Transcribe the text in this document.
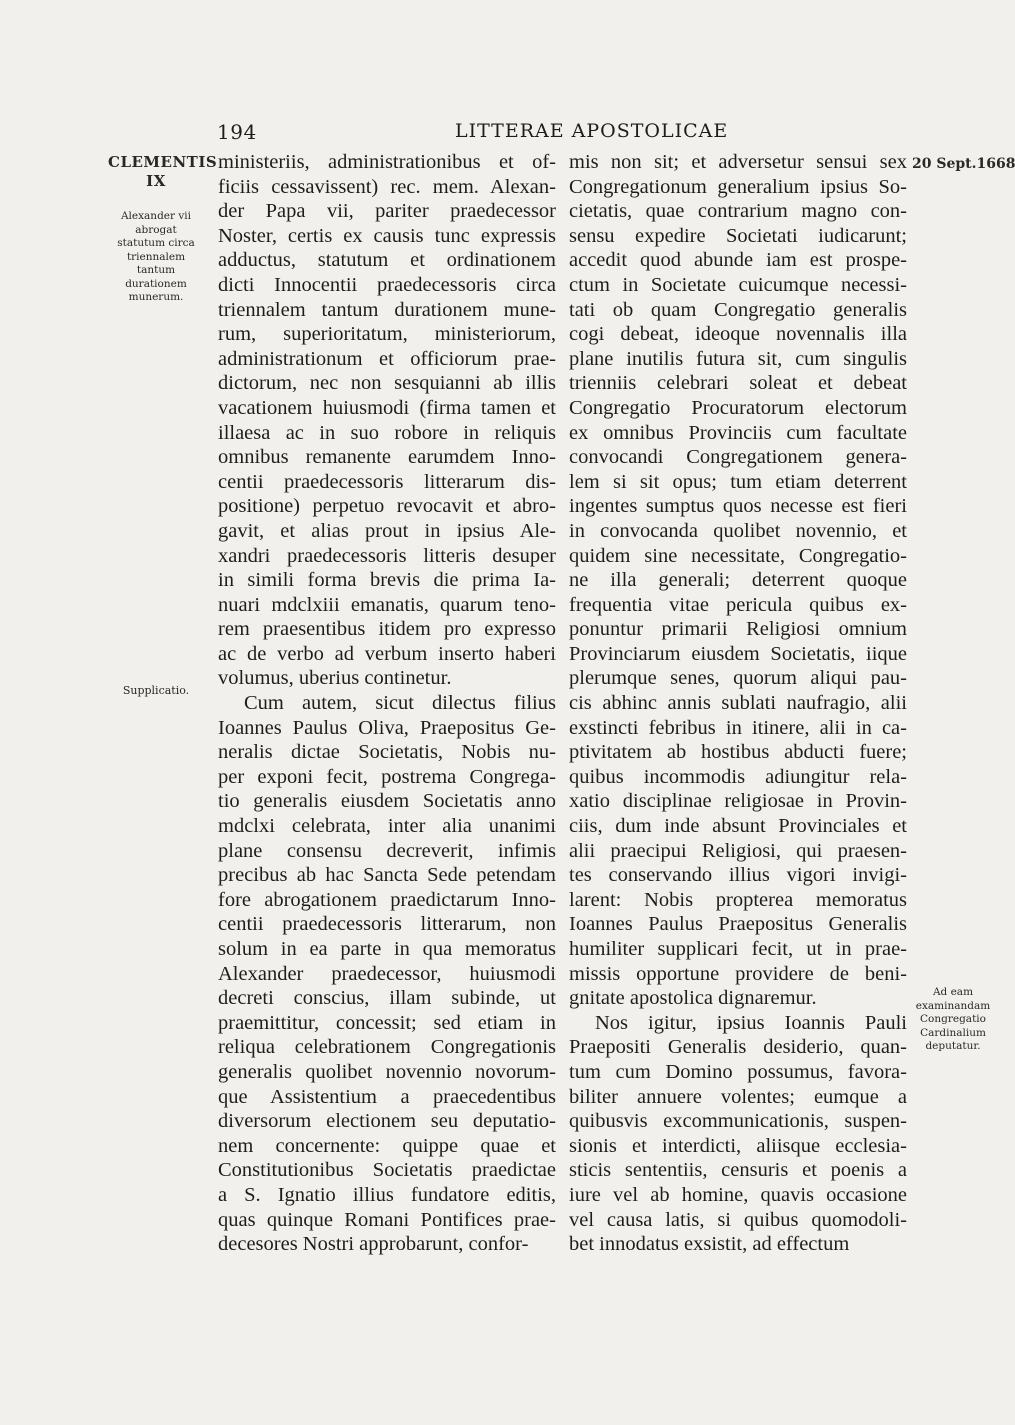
194	LITTERAE APOSTOLICAE
CLEMENTIS
IX
Alexander vii
abrogat
statutum circa
triennalem
tantum
durationem
munerum.
Supplicatio.
20 Sept.1668
Ad eam
examinandam
Congregatio
Cardinalium
deputatur.

ministeriis, administrationibus et of-
ficiis cessavissent) rec. mem. Alexan-
der Papa vii, pariter praedecessor
Noster, certis ex causis tunc expressis
adductus, statutum et ordinationem
dicti Innocentii praedecessoris circa
triennalem tantum durationem mune-
rum, superioritatum, ministeriorum,
administrationum et officiorum prae-
dictorum, nec non sesquianni ab illis
vacationem huiusmodi (firma tamen et
illaesa ac in suo robore in reliquis
omnibus remanente earumdem Inno-
centii praedecessoris litterarum dis-
positione) perpetuo revocavit et abro-
gavit, et alias prout in ipsius Ale-
xandri praedecessoris litteris desuper
in simili forma brevis die prima Ia-
nuari mdclxiii emanatis, quarum teno-
rem praesentibus itidem pro expresso
ac de verbo ad verbum inserto haberi
volumus, uberius continetur.

Cum autem, sicut dilectus filius
Ioannes Paulus Oliva, Praepositus Ge-
neralis dictae Societatis, Nobis nu-
per exponi fecit, postrema Congrega-
tio generalis eiusdem Societatis anno
mdclxi celebrata, inter alia unanimi
plane consensu decreverit, infimis
precibus ab hac Sancta Sede petendam
fore abrogationem praedictarum Inno-
centii praedecessoris litterarum, non
solum in ea parte in qua memoratus
Alexander praedecessor, huiusmodi
decreti conscius, illam subinde, ut
praemittitur, concessit; sed etiam in
reliqua celebrationem Congregationis
generalis quolibet novennio novorum-
que Assistentium a praecedentibus
diversorum electionem seu deputatio-
nem concernente: quippe quae et
Constitutionibus Societatis praedictae
a S. Ignatio illius fundatore editis,
quas quinque Romani Pontifices prae-
decesores Nostri approbarunt, confor-

mis non sit; et adversetur sensui sex
Congregationum generalium ipsius So-
cietatis, quae contrarium magno con-
sensu expedire Societati iudicarunt;
accedit quod abunde iam est prospe-
ctum in Societate cuicumque necessi-
tati ob quam Congregatio generalis
cogi debeat, ideoque novennalis illa
plane inutilis futura sit, cum singulis
trienniis celebrari soleat et debeat
Congregatio Procuratorum electorum
ex omnibus Provinciis cum facultate
convocandi Congregationem genera-
lem si sit opus; tum etiam deterrent
ingentes sumptus quos necesse est fieri
in convocanda quolibet novennio, et
quidem sine necessitate, Congregatio-
ne illa generali; deterrent quoque
frequentia vitae pericula quibus ex-
ponuntur primarii Religiosi omnium
Provinciarum eiusdem Societatis, iique
plerumque senes, quorum aliqui pau-
cis abhinc annis sublati naufragio, alii
exstincti febribus in itinere, alii in ca-
ptivitatem ab hostibus abducti fuere;
quibus incommodis adiungitur rela-
xatio disciplinae religiosae in Provin-
ciis, dum inde absunt Provinciales et
alii praecipui Religiosi, qui praesen-
tes conservando illius vigori invigi-
larent: Nobis propterea memoratus
Ioannes Paulus Praepositus Generalis
humiliter supplicari fecit, ut in prae-
missis opportune providere de beni-
gnitate apostolica dignaremur.

Nos igitur, ipsius Ioannis Pauli
Praepositi Generalis desiderio, quan-
tum cum Domino possumus, favora-
biliter annuere volentes; eumque a
quibusvis excommunicationis, suspen-
sionis et interdicti, aliisque ecclesia-
sticis sententiis, censuris et poenis a
iure vel ab homine, quavis occasione
vel causa latis, si quibus quomodoli-
bet innodatus exsistit, ad effectum
